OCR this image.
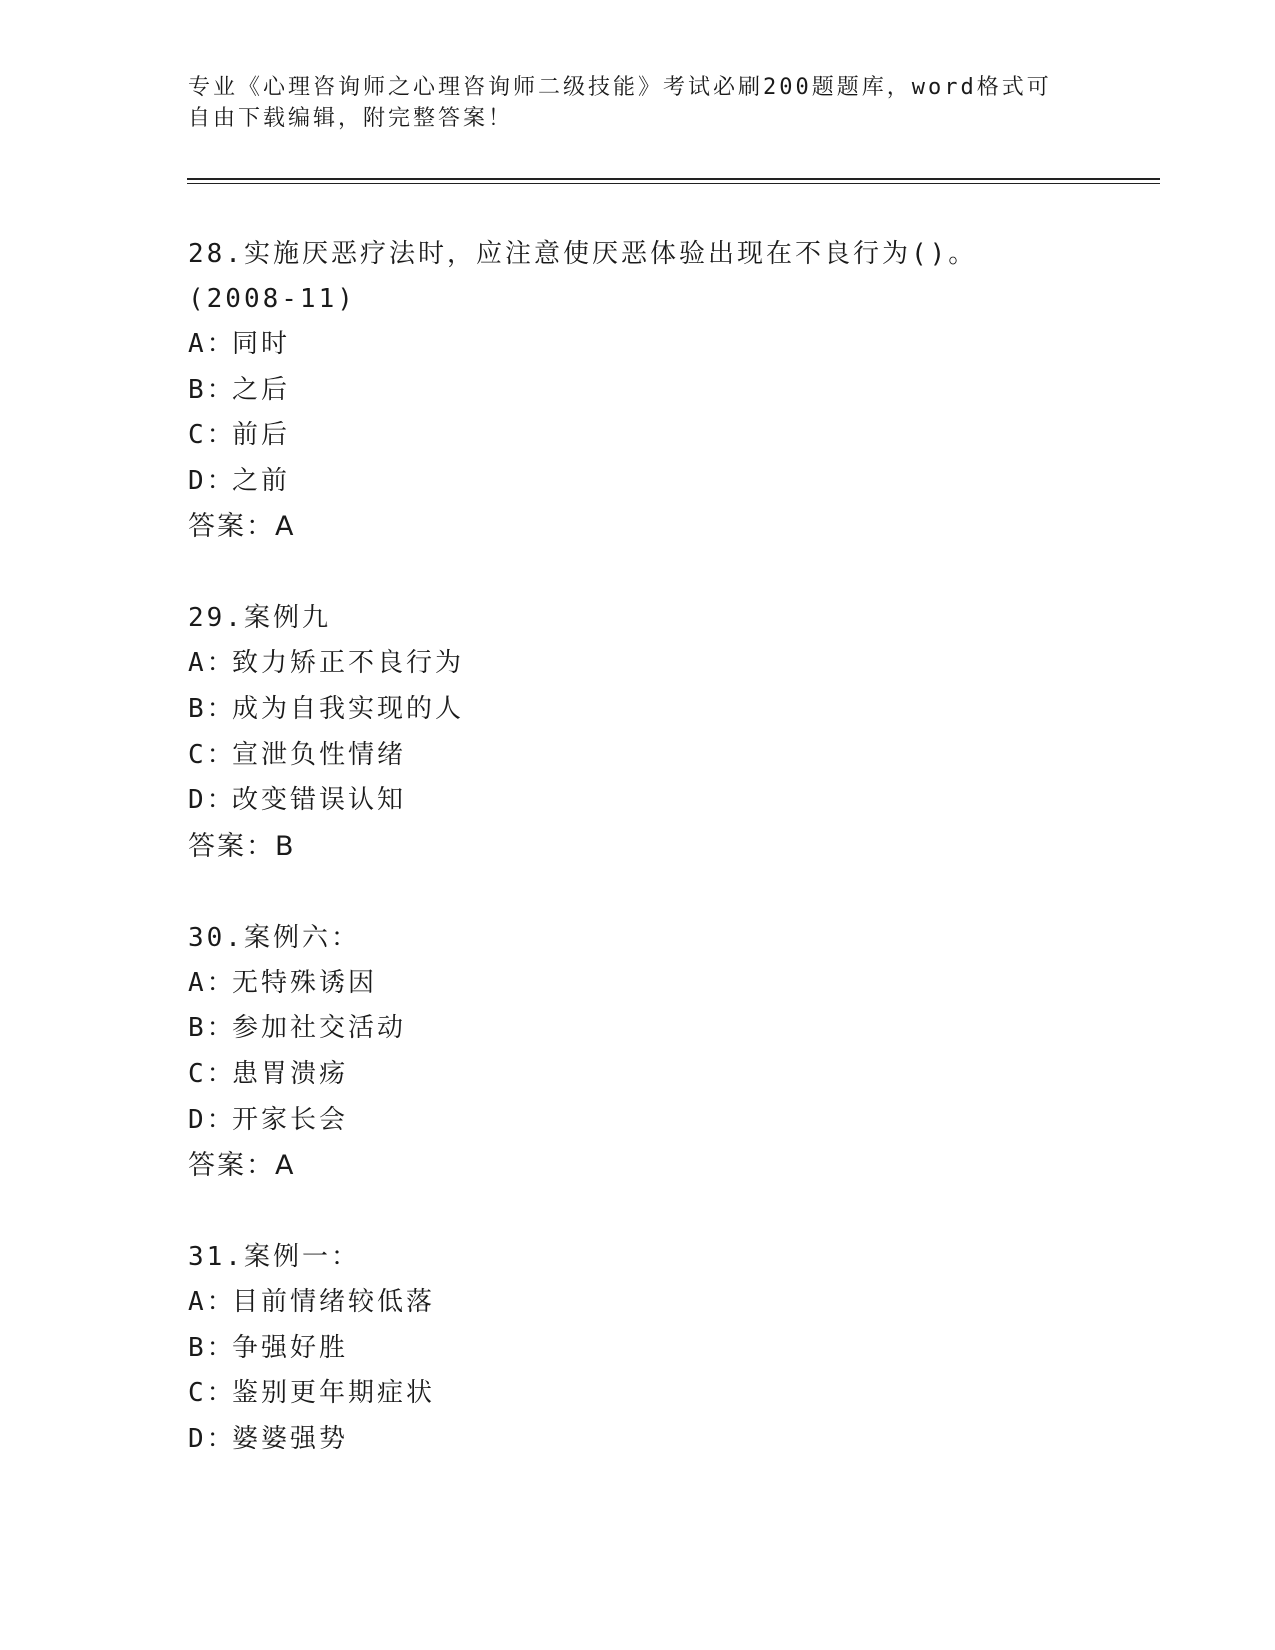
专业《心理咨询师之心理咨询师二级技能》考试必刷200题题库，word格式可自由下载编辑，附完整答案！

28.实施厌恶疗法时，应注意使厌恶体验出现在不良行为()。(2008-11)

A：同时

B：之后

C：前后

D：之前

答案：A

29.案例九

A：致力矫正不良行为

B：成为自我实现的人

C：宣泄负性情绪

D：改变错误认知

答案：B

30.案例六：

A：无特殊诱因

B：参加社交活动

C：患胃溃疡

D：开家长会

答案：A

31.案例一：

A：目前情绪较低落

B：争强好胜

C：鉴别更年期症状

D：婆婆强势
